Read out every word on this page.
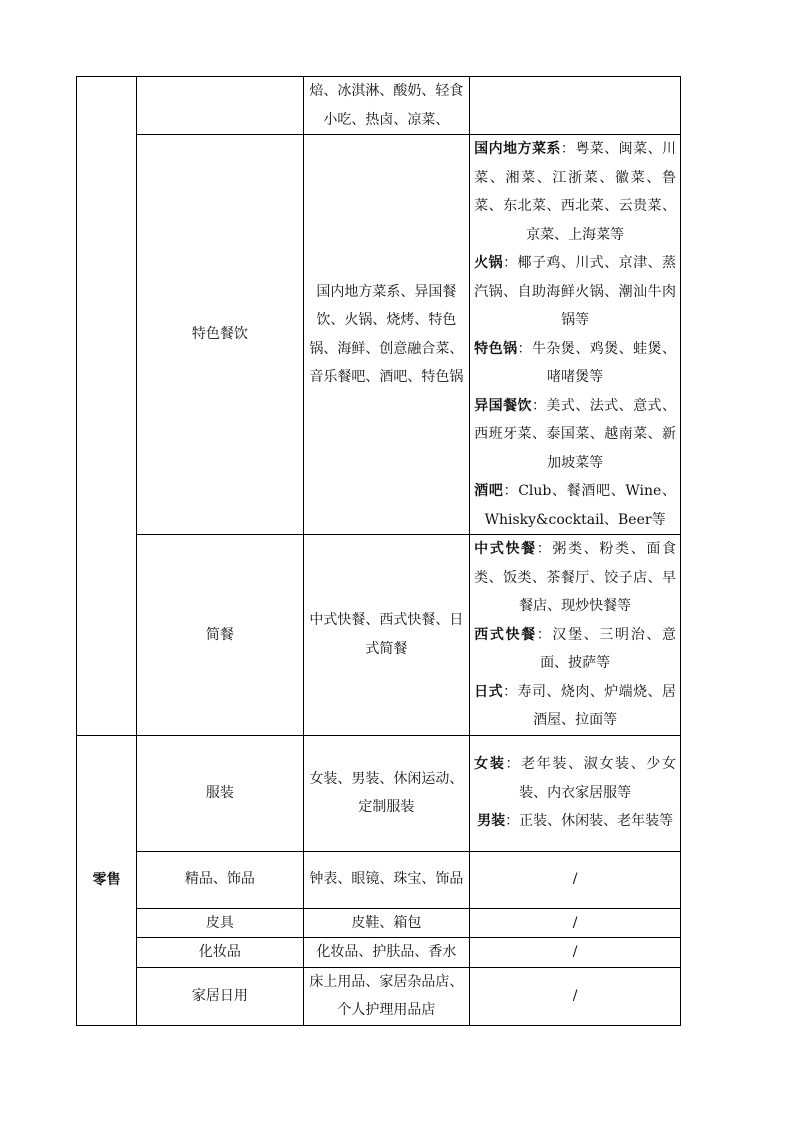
		焙、冰淇淋、酸奶、轻食小吃、热卤、凉菜、	
	特色餐饮	国内地方菜系、异国餐饮、火锅、烧烤、特色锅、海鲜、创意融合菜、音乐餐吧、酒吧、特色锅	国内地方菜系：粤菜、闽菜、川菜、湘菜、江浙菜、徽菜、鲁菜、东北菜、西北菜、云贵菜、京菜、上海菜等
火锅：椰子鸡、川式、京津、蒸汽锅、自助海鲜火锅、潮汕牛肉锅等
特色锅：牛杂煲、鸡煲、蛙煲、啫啫煲等
异国餐饮：美式、法式、意式、西班牙菜、泰国菜、越南菜、新加坡菜等
酒吧：Club、餐酒吧、Wine、Whisky&cocktail、Beer等

	简餐	中式快餐、西式快餐、日式简餐	中式快餐：粥类、粉类、面食类、饭类、茶餐厅、饺子店、早餐店、现炒快餐等
西式快餐：汉堡、三明治、意面、披萨等
日式：寿司、烧肉、炉端烧、居酒屋、拉面等

零售	服装	女装、男装、休闲运动、定制服装	女装：老年装、淑女装、少女装、内衣家居服等
男装：正装、休闲装、老年装等

	精品、饰品	钟表、眼镜、珠宝、饰品	/
	皮具	皮鞋、箱包	/
	化妆品	化妆品、护肤品、香水	/
	家居日用	床上用品、家居杂品店、个人护理用品店	/
